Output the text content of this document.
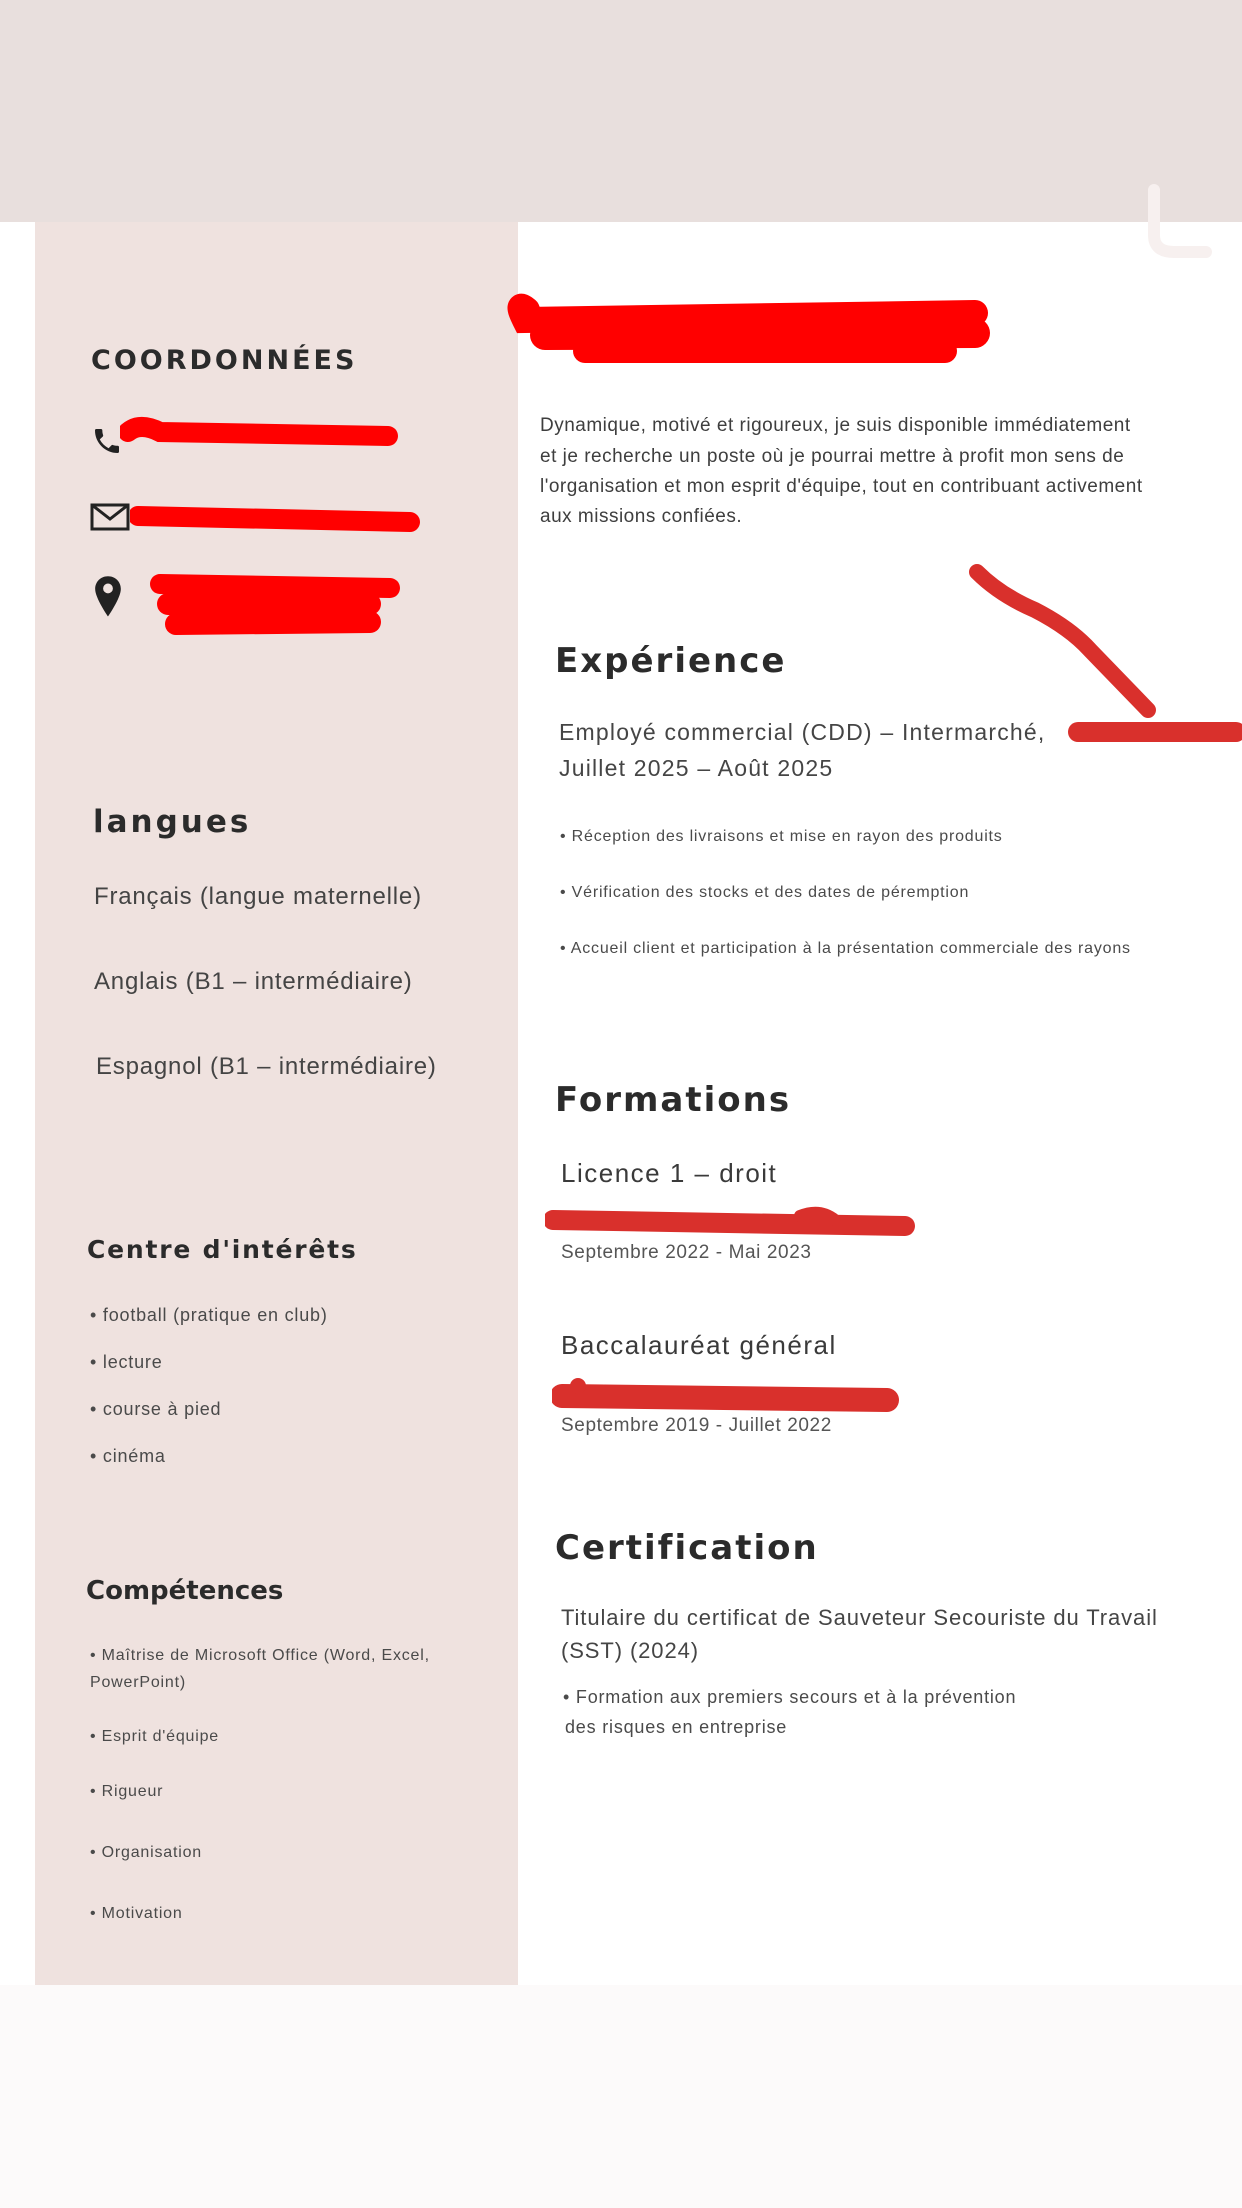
COORDONNÉES
langues
Français (langue maternelle)
Anglais (B1 – intermédiaire)
Espagnol (B1 – intermédiaire)
Centre d'intérêts
• football (pratique en club)
• lecture
• course à pied
• cinéma
Compétences
• Maîtrise de Microsoft Office (Word, Excel,
PowerPoint)
• Esprit d'équipe
• Rigueur
• Organisation
• Motivation
Dynamique, motivé et rigoureux, je suis disponible immédiatement
et je recherche un poste où je pourrai mettre à profit mon sens de
l'organisation et mon esprit d'équipe, tout en contribuant activement
aux missions confiées.
Expérience
Employé commercial (CDD) – Intermarché,
Juillet 2025 – Août 2025
• Réception des livraisons et mise en rayon des produits
• Vérification des stocks et des dates de péremption
• Accueil client et participation à la présentation commerciale des rayons
Formations
Licence 1 – droit
Septembre 2022 - Mai 2023
Baccalauréat général
Septembre 2019 - Juillet 2022
Certification
Titulaire du certificat de Sauveteur Secouriste du Travail
(SST) (2024)
• Formation aux premiers secours et à la prévention
des risques en entreprise
